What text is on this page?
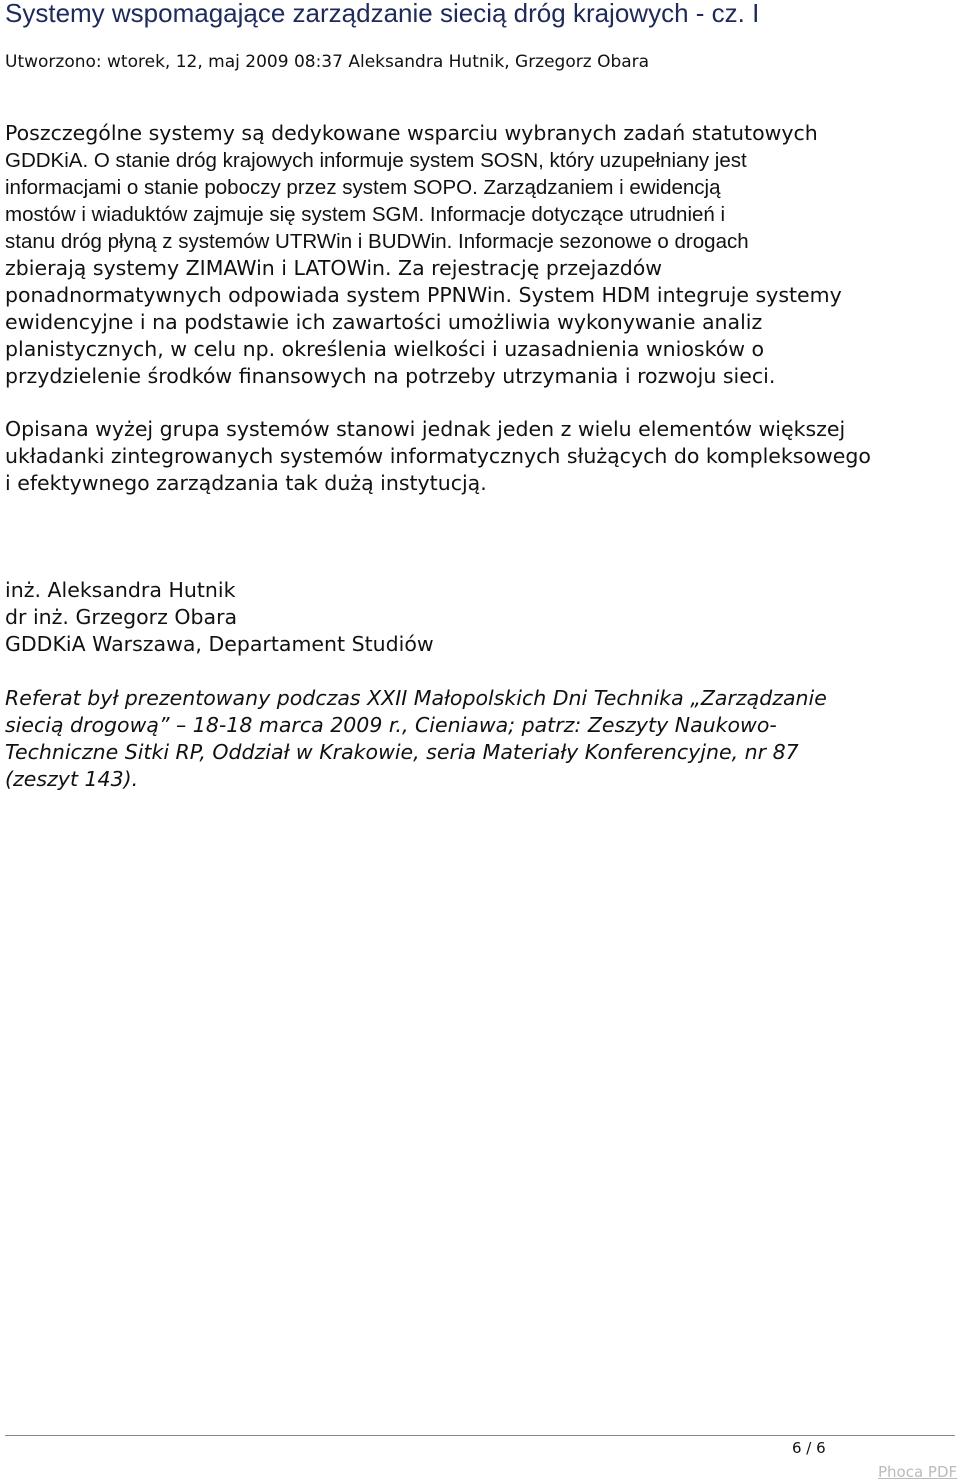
Systemy wspomagające zarządzanie siecią dróg krajowych - cz. I
Utworzono: wtorek, 12, maj 2009 08:37 Aleksandra Hutnik, Grzegorz Obara

Poszczególne systemy są dedykowane wsparciu wybranych zadań statutowych

GDDKiA. O stanie dróg krajowych informuje system SOSN, który uzupełniany jest

informacjami o stanie poboczy przez system SOPO. Zarządzaniem i ewidencją

mostów i wiaduktów zajmuje się system SGM. Informacje dotyczące utrudnień i

stanu dróg płyną z systemów UTRWin i BUDWin. Informacje sezonowe o drogach

zbierają systemy ZIMAWin i LATOWin. Za rejestrację przejazdów

ponadnormatywnych odpowiada system PPNWin. System HDM integruje systemy

ewidencyjne i na podstawie ich zawartości umożliwia wykonywanie analiz

planistycznych, w celu np. określenia wielkości i uzasadnienia wniosków o

przydzielenie środków finansowych na potrzeby utrzymania i rozwoju sieci.

Opisana wyżej grupa systemów stanowi jednak jeden z wielu elementów większej

układanki zintegrowanych systemów informatycznych służących do kompleksowego

i efektywnego zarządzania tak dużą instytucją.

inż. Aleksandra Hutnik

dr inż. Grzegorz Obara

GDDKiA Warszawa, Departament Studiów

Referat był prezentowany podczas XXII Małopolskich Dni Technika „Zarządzanie

siecią drogową” – 18-18 marca 2009 r., Cieniawa; patrz: Zeszyty Naukowo-

Techniczne Sitki RP, Oddział w Krakowie, seria Materiały Konferencyjne, nr 87

(zeszyt 143).

6 / 6
Phoca PDF
